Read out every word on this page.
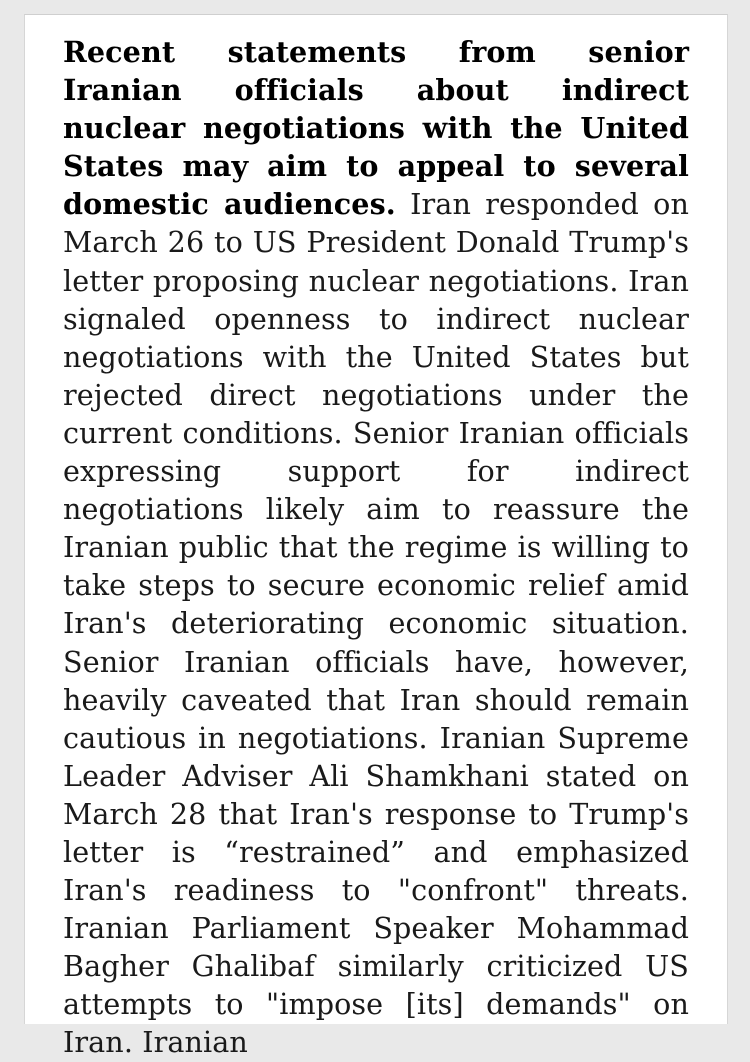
Recent statements from senior Iranian officials about indirect nuclear negotiations with the United States may aim to appeal to several domestic audiences. Iran responded on March 26 to US President Donald Trump's letter proposing nuclear negotiations. Iran signaled openness to indirect nuclear negotiations with the United States but rejected direct negotiations under the current conditions. Senior Iranian officials expressing support for indirect negotiations likely aim to reassure the Iranian public that the regime is willing to take steps to secure economic relief amid Iran's deteriorating economic situation. Senior Iranian officials have, however, heavily caveated that Iran should remain cautious in negotiations. Iranian Supreme Leader Adviser Ali Shamkhani stated on March 28 that Iran's response to Trump's letter is “restrained” and emphasized Iran's readiness to "confront" threats. Iranian Parliament Speaker Mohammad Bagher Ghalibaf similarly criticized US attempts to "impose [its] demands" on Iran. Iranian
